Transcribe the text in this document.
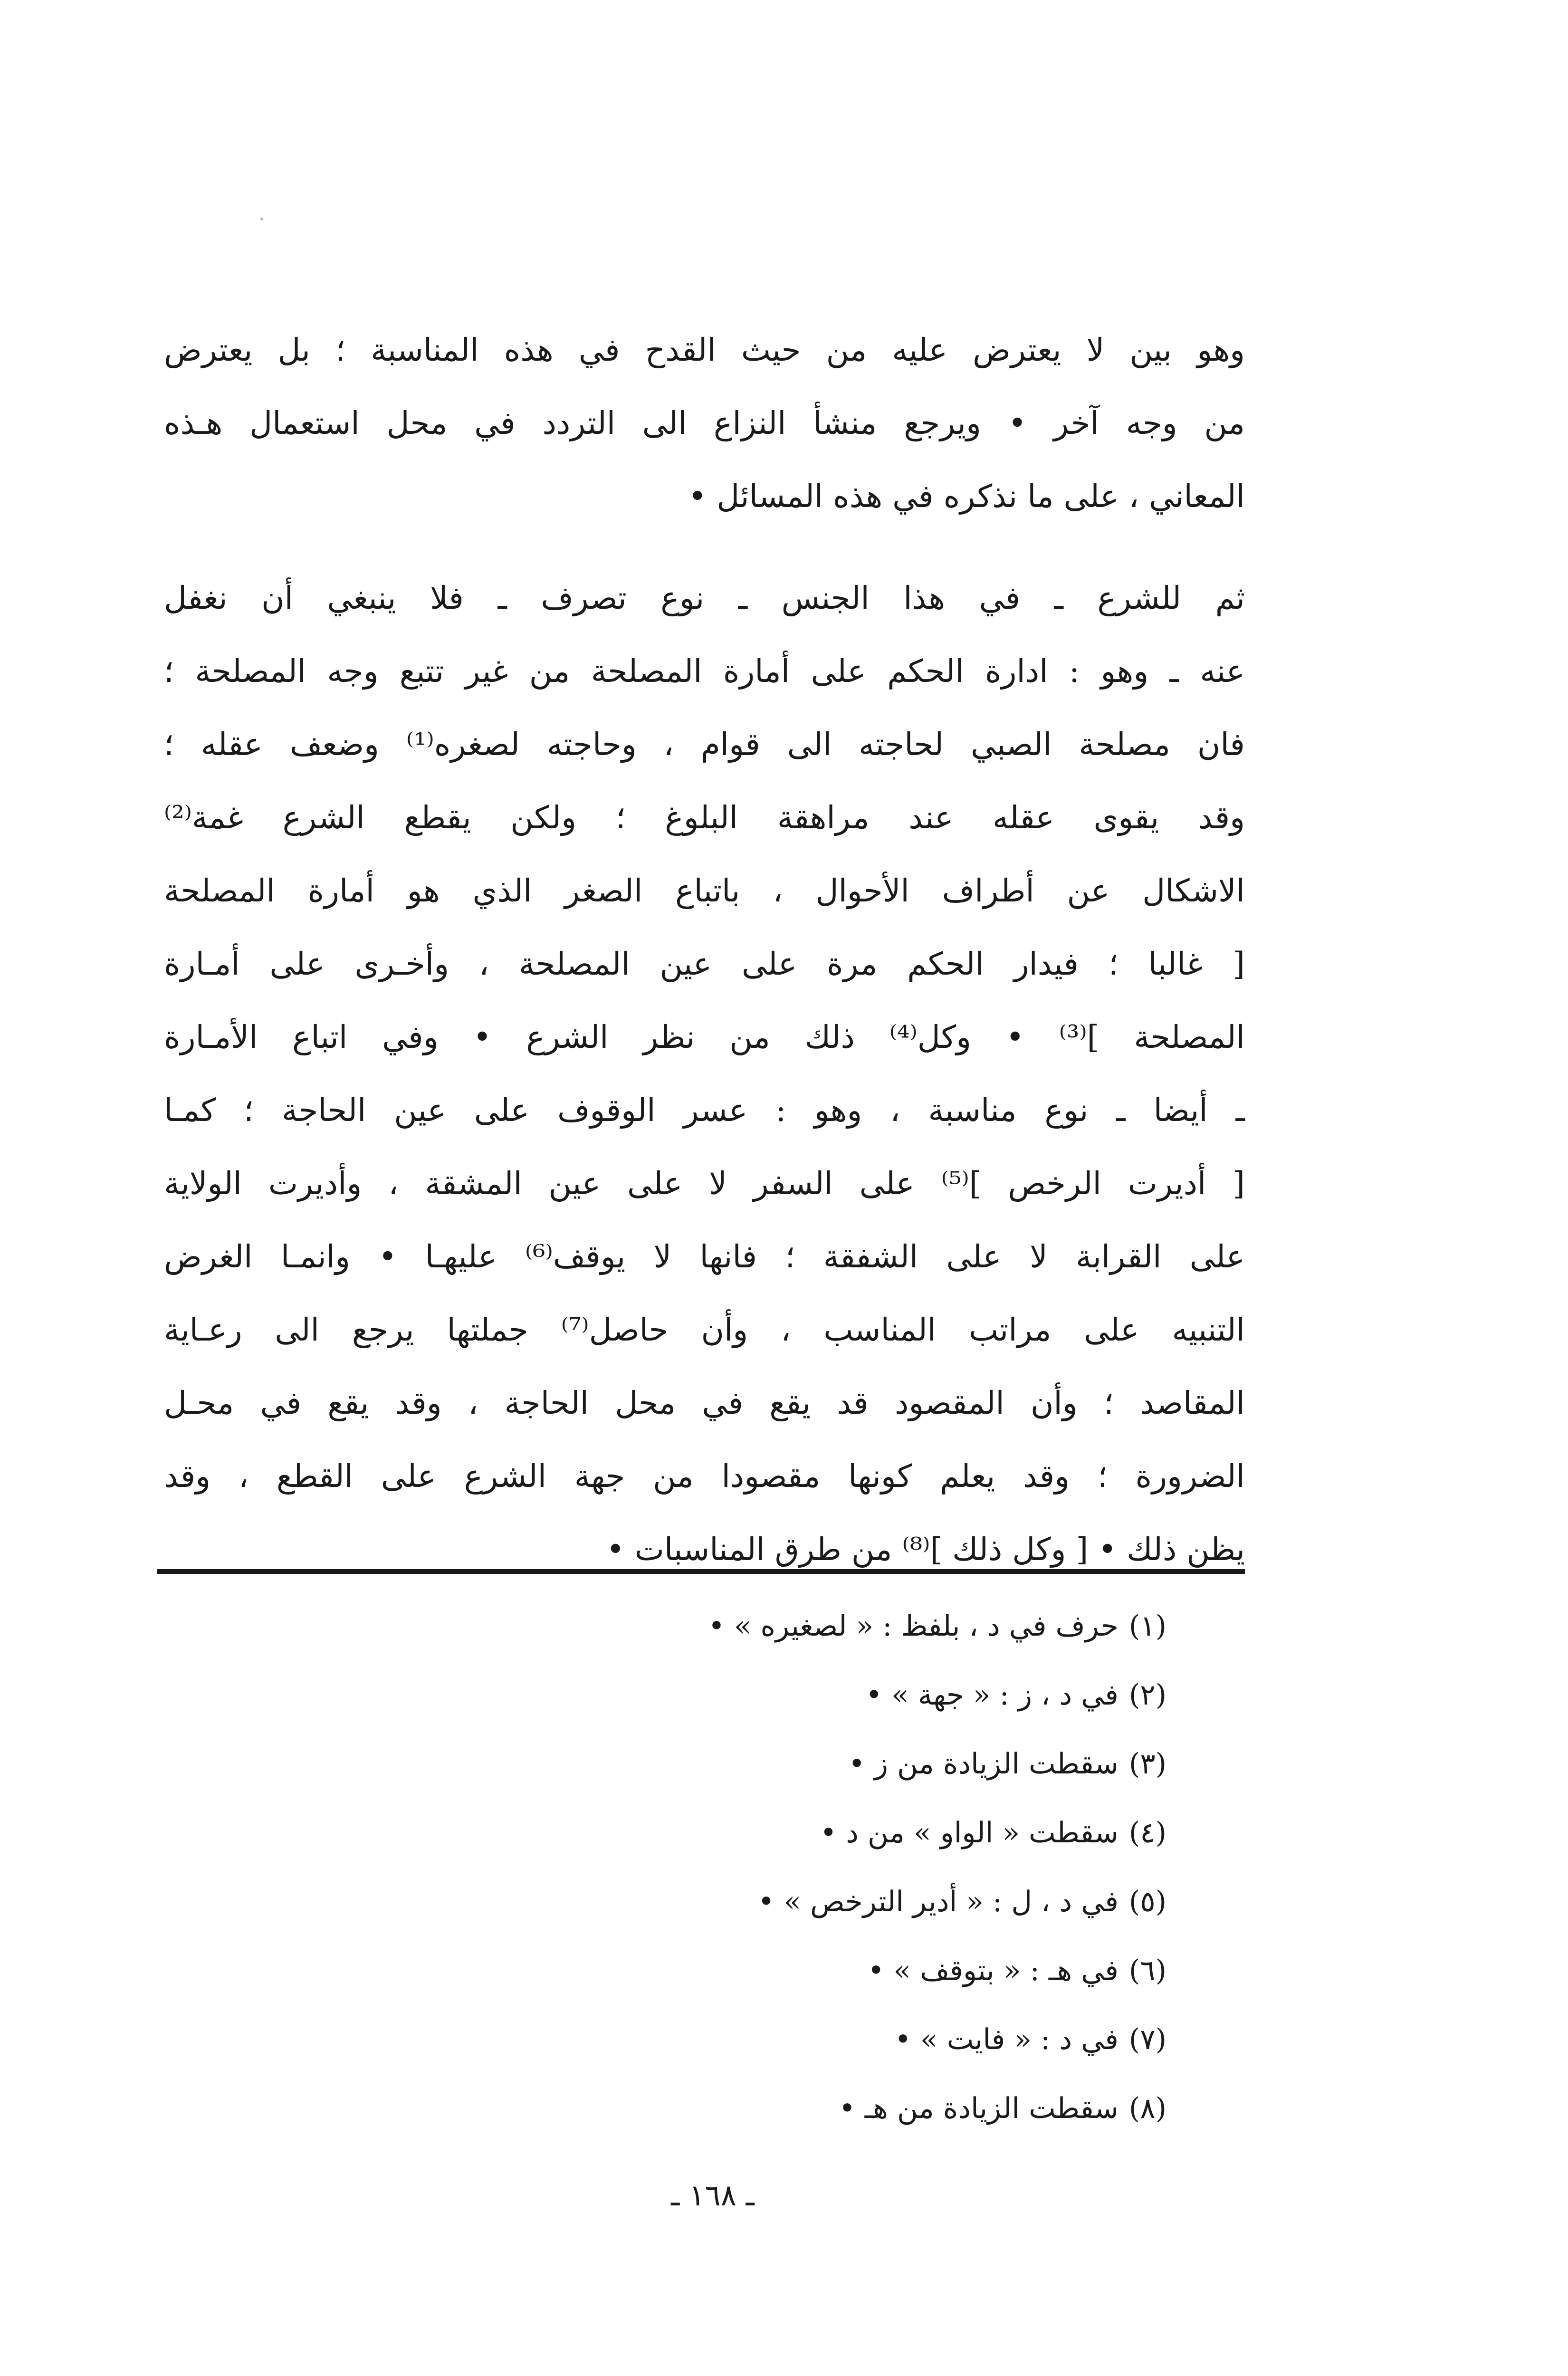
وهو بين لا يعترض عليه من حيث القدح في هذه المناسبة ؛ بل يعترض
من وجه آخر • ويرجع منشأ النزاع الى التردد في محل استعمال هـذه
المعاني ، على ما نذكره في هذه المسائل •
ثم للشرع ـ في هذا الجنس ـ نوع تصرف ـ فلا ينبغي أن نغفل
عنه ـ وهو : ادارة الحكم على أمارة المصلحة من غير تتبع وجه المصلحة ؛
فان مصلحة الصبي لحاجته الى قوام ، وحاجته لصغره⁽¹⁾ وضعف عقله ؛
وقد يقوى عقله عند مراهقة البلوغ ؛ ولكن يقطع الشرع غمة⁽²⁾
الاشكال عن أطراف الأحوال ، باتباع الصغر الذي هو أمارة المصلحة
[ غالبا ؛ فيدار الحكم مرة على عين المصلحة ، وأخـرى على أمـارة
المصلحة ]⁽³⁾ • وكل⁽⁴⁾ ذلك من نظر الشرع • وفي اتباع الأمـارة
ـ أيضا ـ نوع مناسبة ، وهو : عسر الوقوف على عين الحاجة ؛ كمـا
[ أديرت الرخص ]⁽⁵⁾ على السفر لا على عين المشقة ، وأديرت الولاية
على القرابة لا على الشفقة ؛ فانها لا يوقف⁽⁶⁾ عليهـا • وانمـا الغرض
التنبيه على مراتب المناسب ، وأن حاصل⁽⁷⁾ جملتها يرجع الى رعـاية
المقاصد ؛ وأن المقصود قد يقع في محل الحاجة ، وقد يقع في محـل
الضرورة ؛ وقد يعلم كونها مقصودا من جهة الشرع على القطع ، وقد
يظن ذلك • [ وكل ذلك ]⁽⁸⁾ من طرق المناسبات •
(١)حرف في د ، بلفظ : « لصغيره » •
(٢)في د ، ز : « جهة » •
(٣)سقطت الزيادة من ز •
(٤)سقطت « الواو » من د •
(٥)في د ، ل : « أدير الترخص » •
(٦)في هـ : « بتوقف » •
(٧)في د : « فايت » •
(٨)سقطت الزيادة من هـ •
ـ ١٦٨ ـ
